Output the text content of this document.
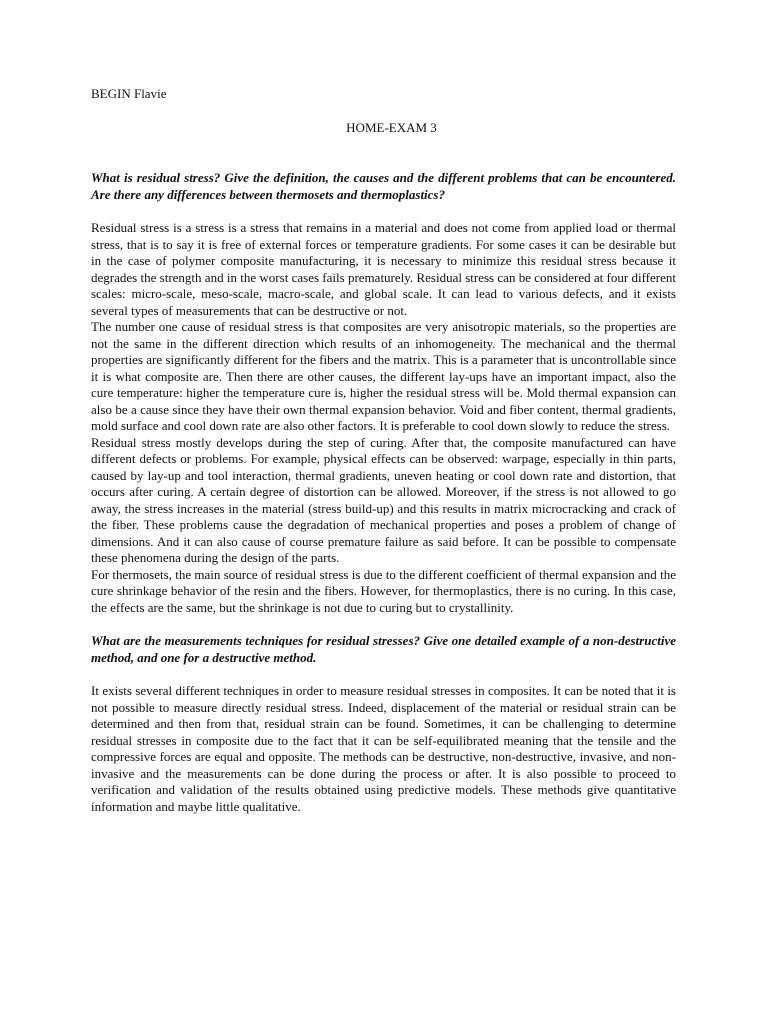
BEGIN Flavie

HOME-EXAM 3

What is residual stress? Give the definition, the causes and the different problems that can be encountered. Are there any differences between thermosets and thermoplastics?

Residual stress is a stress is a stress that remains in a material and does not come from applied load or thermal stress, that is to say it is free of external forces or temperature gradients. For some cases it can be desirable but in the case of polymer composite manufacturing, it is necessary to minimize this residual stress because it degrades the strength and in the worst cases fails prematurely. Residual stress can be considered at four different scales: micro-scale, meso-scale, macro-scale, and global scale. It can lead to various defects, and it exists several types of measurements that can be destructive or not.

The number one cause of residual stress is that composites are very anisotropic materials, so the properties are not the same in the different direction which results of an inhomogeneity. The mechanical and the thermal properties are significantly different for the fibers and the matrix. This is a parameter that is uncontrollable since it is what composite are. Then there are other causes, the different lay-ups have an important impact, also the cure temperature: higher the temperature cure is, higher the residual stress will be. Mold thermal expansion can also be a cause since they have their own thermal expansion behavior. Void and fiber content, thermal gradients, mold surface and cool down rate are also other factors. It is preferable to cool down slowly to reduce the stress.

Residual stress mostly develops during the step of curing. After that, the composite manufactured can have different defects or problems. For example, physical effects can be observed: warpage, especially in thin parts, caused by lay-up and tool interaction, thermal gradients, uneven heating or cool down rate and distortion, that occurs after curing. A certain degree of distortion can be allowed. Moreover, if the stress is not allowed to go away, the stress increases in the material (stress build-up) and this results in matrix microcracking and crack of the fiber. These problems cause the degradation of mechanical properties and poses a problem of change of dimensions. And it can also cause of course premature failure as said before. It can be possible to compensate these phenomena during the design of the parts.

For thermosets, the main source of residual stress is due to the different coefficient of thermal expansion and the cure shrinkage behavior of the resin and the fibers. However, for thermoplastics, there is no curing. In this case, the effects are the same, but the shrinkage is not due to curing but to crystallinity.

What are the measurements techniques for residual stresses? Give one detailed example of a non-destructive method, and one for a destructive method.

It exists several different techniques in order to measure residual stresses in composites. It can be noted that it is not possible to measure directly residual stress. Indeed, displacement of the material or residual strain can be determined and then from that, residual strain can be found. Sometimes, it can be challenging to determine residual stresses in composite due to the fact that it can be self-equilibrated meaning that the tensile and the compressive forces are equal and opposite. The methods can be destructive, non-destructive, invasive, and non-invasive and the measurements can be done during the process or after. It is also possible to proceed to verification and validation of the results obtained using predictive models. These methods give quantitative information and maybe little qualitative.
